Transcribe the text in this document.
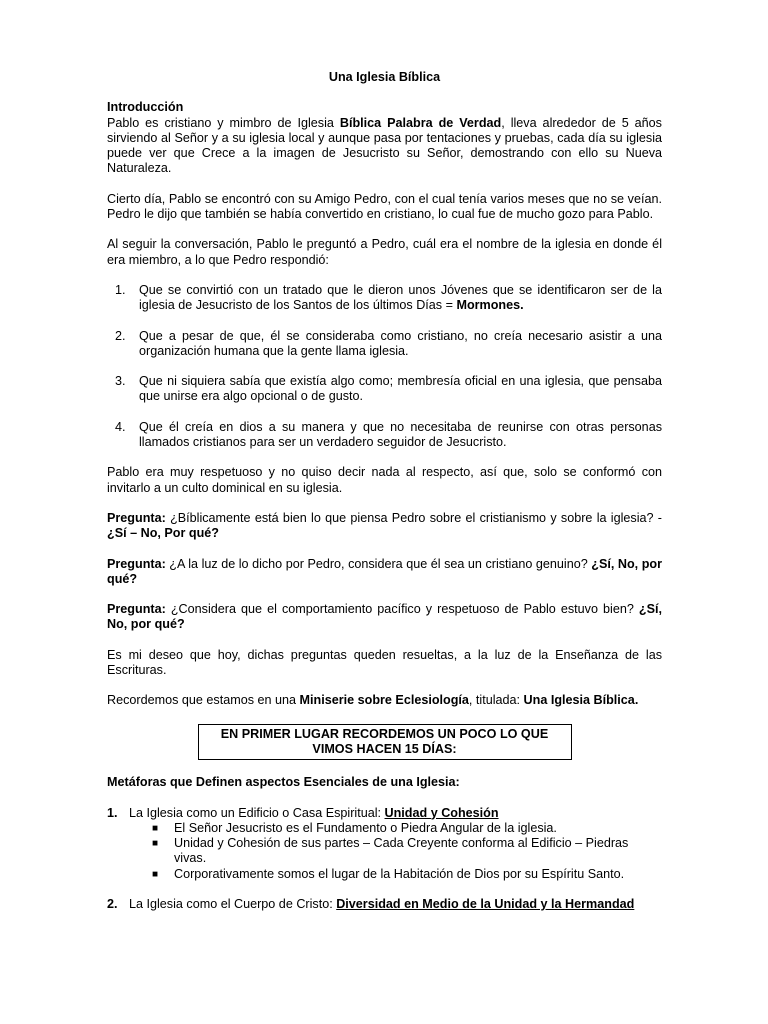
Una Iglesia Bíblica

Introducción

Pablo es cristiano y mimbro de Iglesia Bíblica Palabra de Verdad, lleva alrededor de 5 años sirviendo al Señor y a su iglesia local y aunque pasa por tentaciones y pruebas, cada día su iglesia puede ver que Crece a la imagen de Jesucristo su Señor, demostrando con ello su Nueva Naturaleza.

Cierto día, Pablo se encontró con su Amigo Pedro, con el cual tenía varios meses que no se veían. Pedro le dijo que también se había convertido en cristiano, lo cual fue de mucho gozo para Pablo.

Al seguir la conversación, Pablo le preguntó a Pedro, cuál era el nombre de la iglesia en donde él era miembro, a lo que Pedro respondió:

1. Que se convirtió con un tratado que le dieron unos Jóvenes que se identificaron ser de la iglesia de Jesucristo de los Santos de los últimos Días = Mormones.
2. Que a pesar de que, él se consideraba como cristiano, no creía necesario asistir a una organización humana que la gente llama iglesia.
3. Que ni siquiera sabía que existía algo como; membresía oficial en una iglesia, que pensaba que unirse era algo opcional o de gusto.
4. Que él creía en dios a su manera y que no necesitaba de reunirse con otras personas llamados cristianos para ser un verdadero seguidor de Jesucristo.

Pablo era muy respetuoso y no quiso decir nada al respecto, así que, solo se conformó con invitarlo a un culto dominical en su iglesia.

Pregunta: ¿Bíblicamente está bien lo que piensa Pedro sobre el cristianismo y sobre la iglesia? - ¿Sí – No, Por qué?

Pregunta: ¿A la luz de lo dicho por Pedro, considera que él sea un cristiano genuino? ¿Sí, No, por qué?

Pregunta: ¿Considera que el comportamiento pacífico y respetuoso de Pablo estuvo bien? ¿Sí, No, por qué?

Es mi deseo que hoy, dichas preguntas queden resueltas, a la luz de la Enseñanza de las Escrituras.

Recordemos que estamos en una Miniserie sobre Eclesiología, titulada: Una Iglesia Bíblica.

EN PRIMER LUGAR RECORDEMOS UN POCO LO QUE VIMOS HACEN 15 DÍAS:

Metáforas que Definen aspectos Esenciales de una Iglesia:

1. La Iglesia como un Edificio o Casa Espiritual: Unidad y Cohesión
■ El Señor Jesucristo es el Fundamento o Piedra Angular de la iglesia.
■ Unidad y Cohesión de sus partes – Cada Creyente conforma al Edificio – Piedras vivas.
■ Corporativamente somos el lugar de la Habitación de Dios por su Espíritu Santo.
2. La Iglesia como el Cuerpo de Cristo: Diversidad en Medio de la Unidad y la Hermandad
